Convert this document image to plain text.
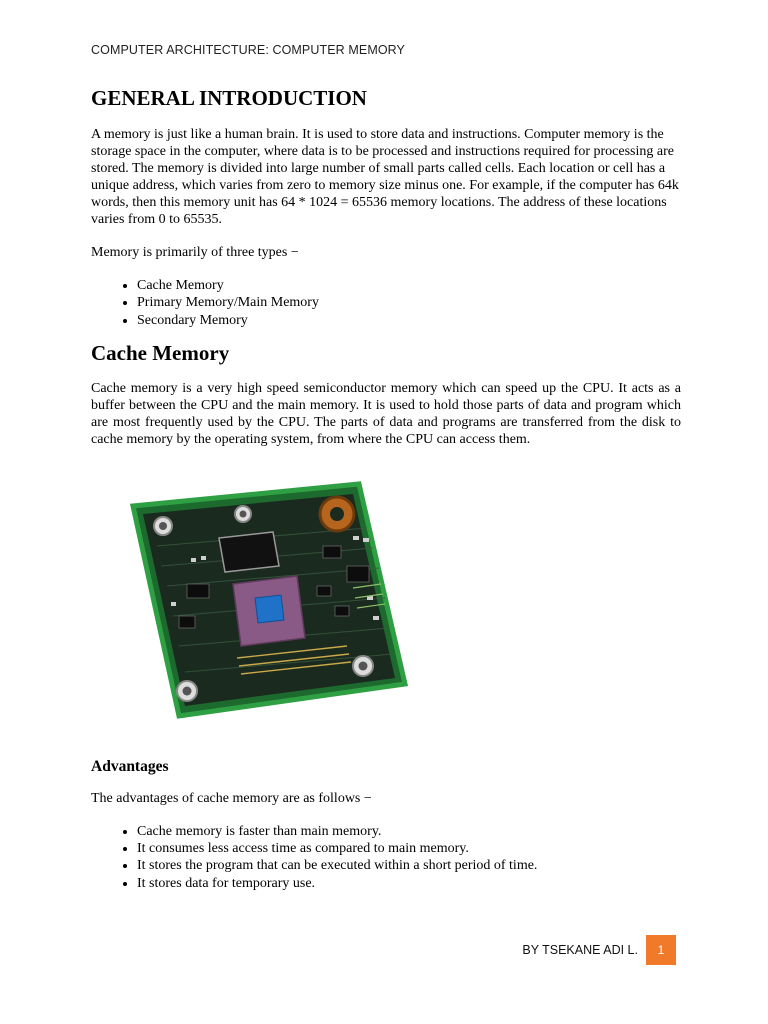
COMPUTER ARCHITECTURE: COMPUTER MEMORY
GENERAL INTRODUCTION

A memory is just like a human brain. It is used to store data and instructions. Computer memory is the storage space in the computer, where data is to be processed and instructions required for processing are stored. The memory is divided into large number of small parts called cells. Each location or cell has a unique address, which varies from zero to memory size minus one. For example, if the computer has 64k words, then this memory unit has 64 * 1024 = 65536 memory locations. The address of these locations varies from 0 to 65535.

Memory is primarily of three types −

• Cache Memory
• Primary Memory/Main Memory
• Secondary Memory
Cache Memory

Cache memory is a very high speed semiconductor memory which can speed up the CPU. It acts as a buffer between the CPU and the main memory. It is used to hold those parts of data and program which are most frequently used by the CPU. The parts of data and programs are transferred from the disk to cache memory by the operating system, from where the CPU can access them.

Advantages

The advantages of cache memory are as follows −

• Cache memory is faster than main memory.
• It consumes less access time as compared to main memory.
• It stores the program that can be executed within a short period of time.
• It stores data for temporary use.
BY TSEKANE ADI L.	1
